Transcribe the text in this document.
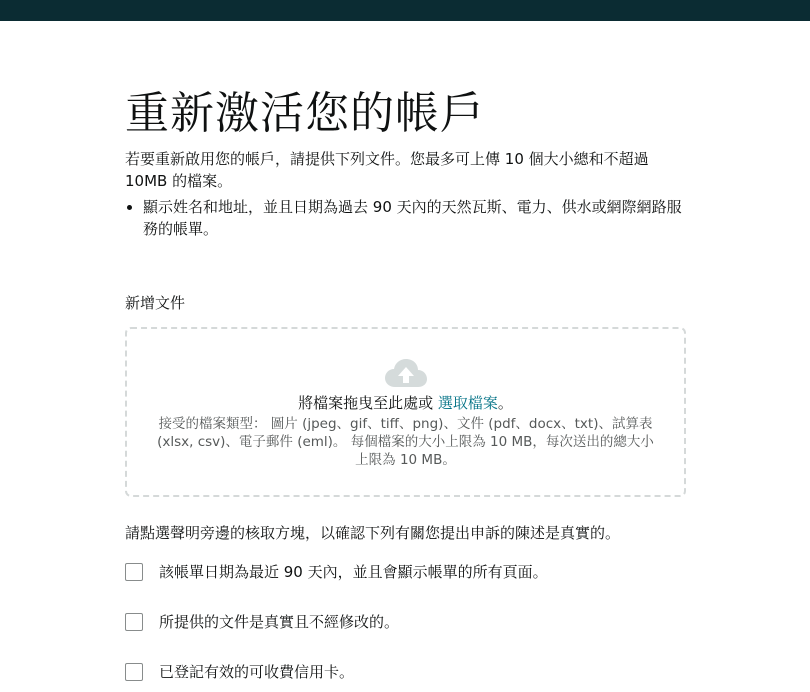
重新激活您的帳戶

若要重新啟用您的帳戶，請提供下列文件。您最多可上傳 10 個大小總和不超過 10MB 的檔案。

• 顯示姓名和地址，並且日期為過去 90 天內的天然瓦斯、電力、供水或網際網路服務的帳單。
新增文件
將檔案拖曳至此處或 選取檔案。
接受的檔案類型： 圖片 (jpeg、gif、tiff、png)、文件 (pdf、docx、txt)、試算表 (xlsx, csv)、電子郵件 (eml)。 每個檔案的大小上限為 10 MB，每次送出的總大小上限為 10 MB。
請點選聲明旁邊的核取方塊，以確認下列有關您提出申訴的陳述是真實的。
該帳單日期為最近 90 天內，並且會顯示帳單的所有頁面。
所提供的文件是真實且不經修改的。
已登記有效的可收費信用卡。
